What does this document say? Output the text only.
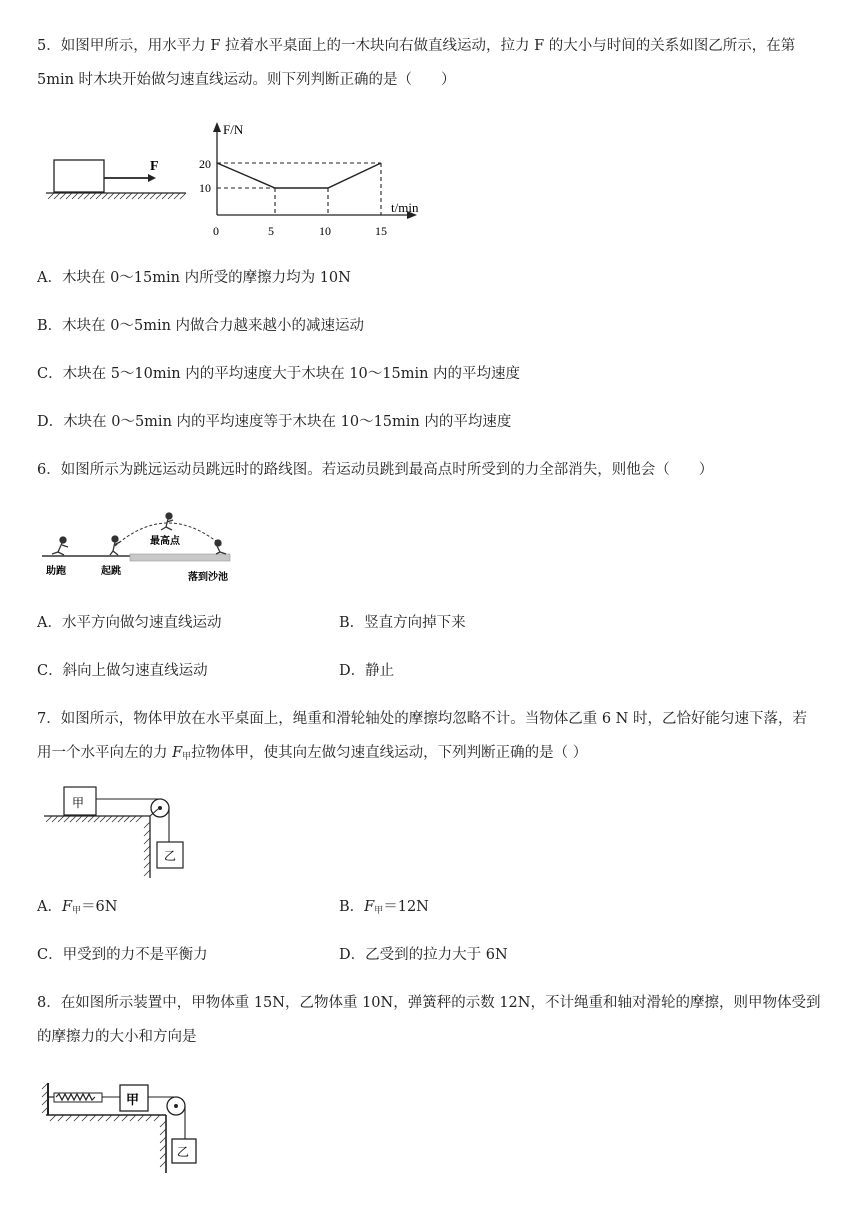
5．如图甲所示，用水平力 F 拉着水平桌面上的一木块向右做直线运动，拉力 F 的大小与时间的关系如图乙所示，在第
5min 时木块开始做匀速直线运动。则下列判断正确的是（　　）
F
F/N
t/min
20
10
0	5	10	15
A．木块在 0～15min 内所受的摩擦力均为 10N
B．木块在 0～5min 内做合力越来越小的减速运动
C．木块在 5～10min 内的平均速度大于木块在 10～15min 内的平均速度
D．木块在 0～5min 内的平均速度等于木块在 10～15min 内的平均速度
6．如图所示为跳远运动员跳远时的路线图。若运动员跳到最高点时所受到的力全部消失，则他会（　　）
最高点
助跑	起跳
落到沙池
A．水平方向做匀速直线运动	B．竖直方向掉下来
C．斜向上做匀速直线运动	D．静止
7．如图所示，物体甲放在水平桌面上，绳重和滑轮轴处的摩擦均忽略不计。当物体乙重 6 N 时，乙恰好能匀速下落，若
用一个水平向左的力 $F_甲$拉物体甲，使其向左做匀速直线运动，下列判断正确的是（ ）
甲
乙
A．$F_甲=6N$	B．$F_甲=12N$
C．甲受到的力不是平衡力	D．乙受到的拉力大于 6N
8．在如图所示装置中，甲物体重 15N，乙物体重 10N，弹簧秤的示数 12N，不计绳重和轴对滑轮的摩擦，则甲物体受到
的摩擦力的大小和方向是
甲
乙
